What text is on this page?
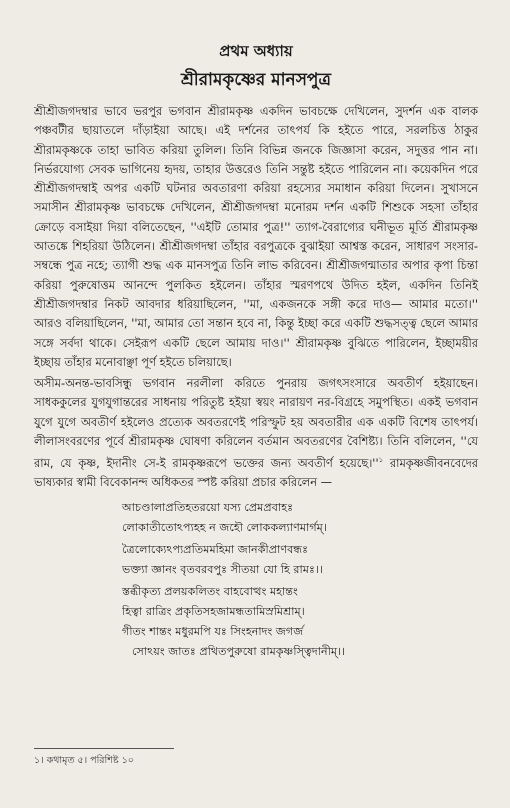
প্রথম অধ্যায়
শ্রীরামকৃষ্ণের মানসপুত্র

শ্রীশ্রীজগদম্বার ভাবে ভরপুর ভগবান শ্রীরামকৃষ্ণ একদিন ভাবচক্ষে দেখিলেন, সুদর্শন এক বালক পঞ্চবটীর ছায়াতলে দাঁড়াইয়া আছে। এই দর্শনের তাৎপর্য কি হইতে পারে, সরলচিত্ত ঠাকুর শ্রীরামকৃষ্ণকে তাহা ভাবিত করিয়া তুলিল। তিনি বিভিন্ন জনকে জিজ্ঞাসা করেন, সদুত্তর পান না। নির্ভরযোগ্য সেবক ভাগিনেয় হৃদয়, তাহার উত্তরেও তিনি সন্তুষ্ট হইতে পারিলেন না। কয়েকদিন পরে শ্রীশ্রীজগদম্বাই অপর একটি ঘটনার অবতারণা করিয়া রহস্যের সমাধান করিয়া দিলেন। সুখাসনে সমাসীন শ্রীরামকৃষ্ণ ভাবচক্ষে দেখিলেন, শ্রীশ্রীজগদম্বা মনোরম দর্শন একটি শিশুকে সহসা তাঁহার ক্রোড়ে বসাইয়া দিয়া বলিতেছেন, ''এইটি তোমার পুত্র!'' ত্যাগ-বৈরাগ্যের ঘনীভূত মূর্তি শ্রীরামকৃষ্ণ আতঙ্কে শিহরিয়া উঠিলেন। শ্রীশ্রীজগদম্বা তাঁহার বরপুত্রকে বুঝাইয়া আশ্বস্ত করেন, সাধারণ সংসার-সম্বন্ধে পুত্র নহে; ত্যাগী শুদ্ধ এক মানসপুত্র তিনি লাভ করিবেন। শ্রীশ্রীজগন্মাতার অপার কৃপা চিন্তা করিয়া পুরুষোত্তম আনন্দে পুলকিত হইলেন। তাঁহার স্মরণপথে উদিত হইল, একদিন তিনিই শ্রীশ্রীজগদম্বার নিকট আবদার ধরিয়াছিলেন, ''মা, একজনকে সঙ্গী করে দাও— আমার মতো।'' আরও বলিয়াছিলেন, ''মা, আমার তো সন্তান হবে না, কিন্তু ইচ্ছা করে একটি শুদ্ধসত্ত্ব ছেলে আমার সঙ্গে সর্বদা থাকে। সেইরূপ একটি ছেলে আমায় দাও।'' শ্রীরামকৃষ্ণ বুঝিতে পারিলেন, ইচ্ছাময়ীর ইচ্ছায় তাঁহার মনোবাঞ্ছা পূর্ণ হইতে চলিয়াছে।

অসীম-অনন্ত-ভাবসিন্ধু ভগবান নরলীলা করিতে পুনরায় জগৎসংসারে অবতীর্ণ হইয়াছেন। সাধককুলের যুগযুগান্তরের সাধনায় পরিতুষ্ট হইয়া স্বয়ং নারায়ণ নর-বিগ্রহে সমুপস্থিত। একই ভগবান যুগে যুগে অবতীর্ণ হইলেও প্রত্যেক অবতরণেই পরিস্ফুট হয় অবতারীর এক একটি বিশেষ তাৎপর্য। লীলাসংবরণের পূর্বে শ্রীরামকৃষ্ণ ঘোষণা করিলেন বর্তমান অবতরণের বৈশিষ্ট্য। তিনি বলিলেন, ''যে রাম, যে কৃষ্ণ, ইদানীং সে-ই রামকৃষ্ণরূপে ভক্তের জন্য অবতীর্ণ $হয়েছে।''^১$ রামকৃষ্ণজীবনবেদের ভাষ্যকার স্বামী বিবেকানন্দ অধিকতর স্পষ্ট করিয়া প্রচার করিলেন —

আচণ্ডালাপ্রতিহতরয়ো যস্য প্রেমপ্রবাহঃ
লোকাতীতোঽপ্যহহ ন জহৌ লোককল্যাণমার্গম্।
ত্রৈলোক্যেঽপ্যপ্রতিমমহিমা জানকীপ্রাণবন্ধঃ
ভক্ত্যা জ্ঞানং বৃতবরবপুঃ সীতয়া যো হি রামঃ।।
স্তব্ধীকৃত্য প্রলয়কলিতং বাহবোত্থং মহান্তং
হিত্বা রাত্রিং প্রকৃতিসহজামন্ধতামিস্রমিশ্রাম্।
গীতং শান্তং মধুরমপি যঃ সিংহনাদং জগর্জ
সোঽয়ং জাতঃ প্রথিতপুরুষো রামকৃষ্ণস্ত্বিদানীম্।।
১। কথামৃত ৫। পরিশিষ্ট ১০
